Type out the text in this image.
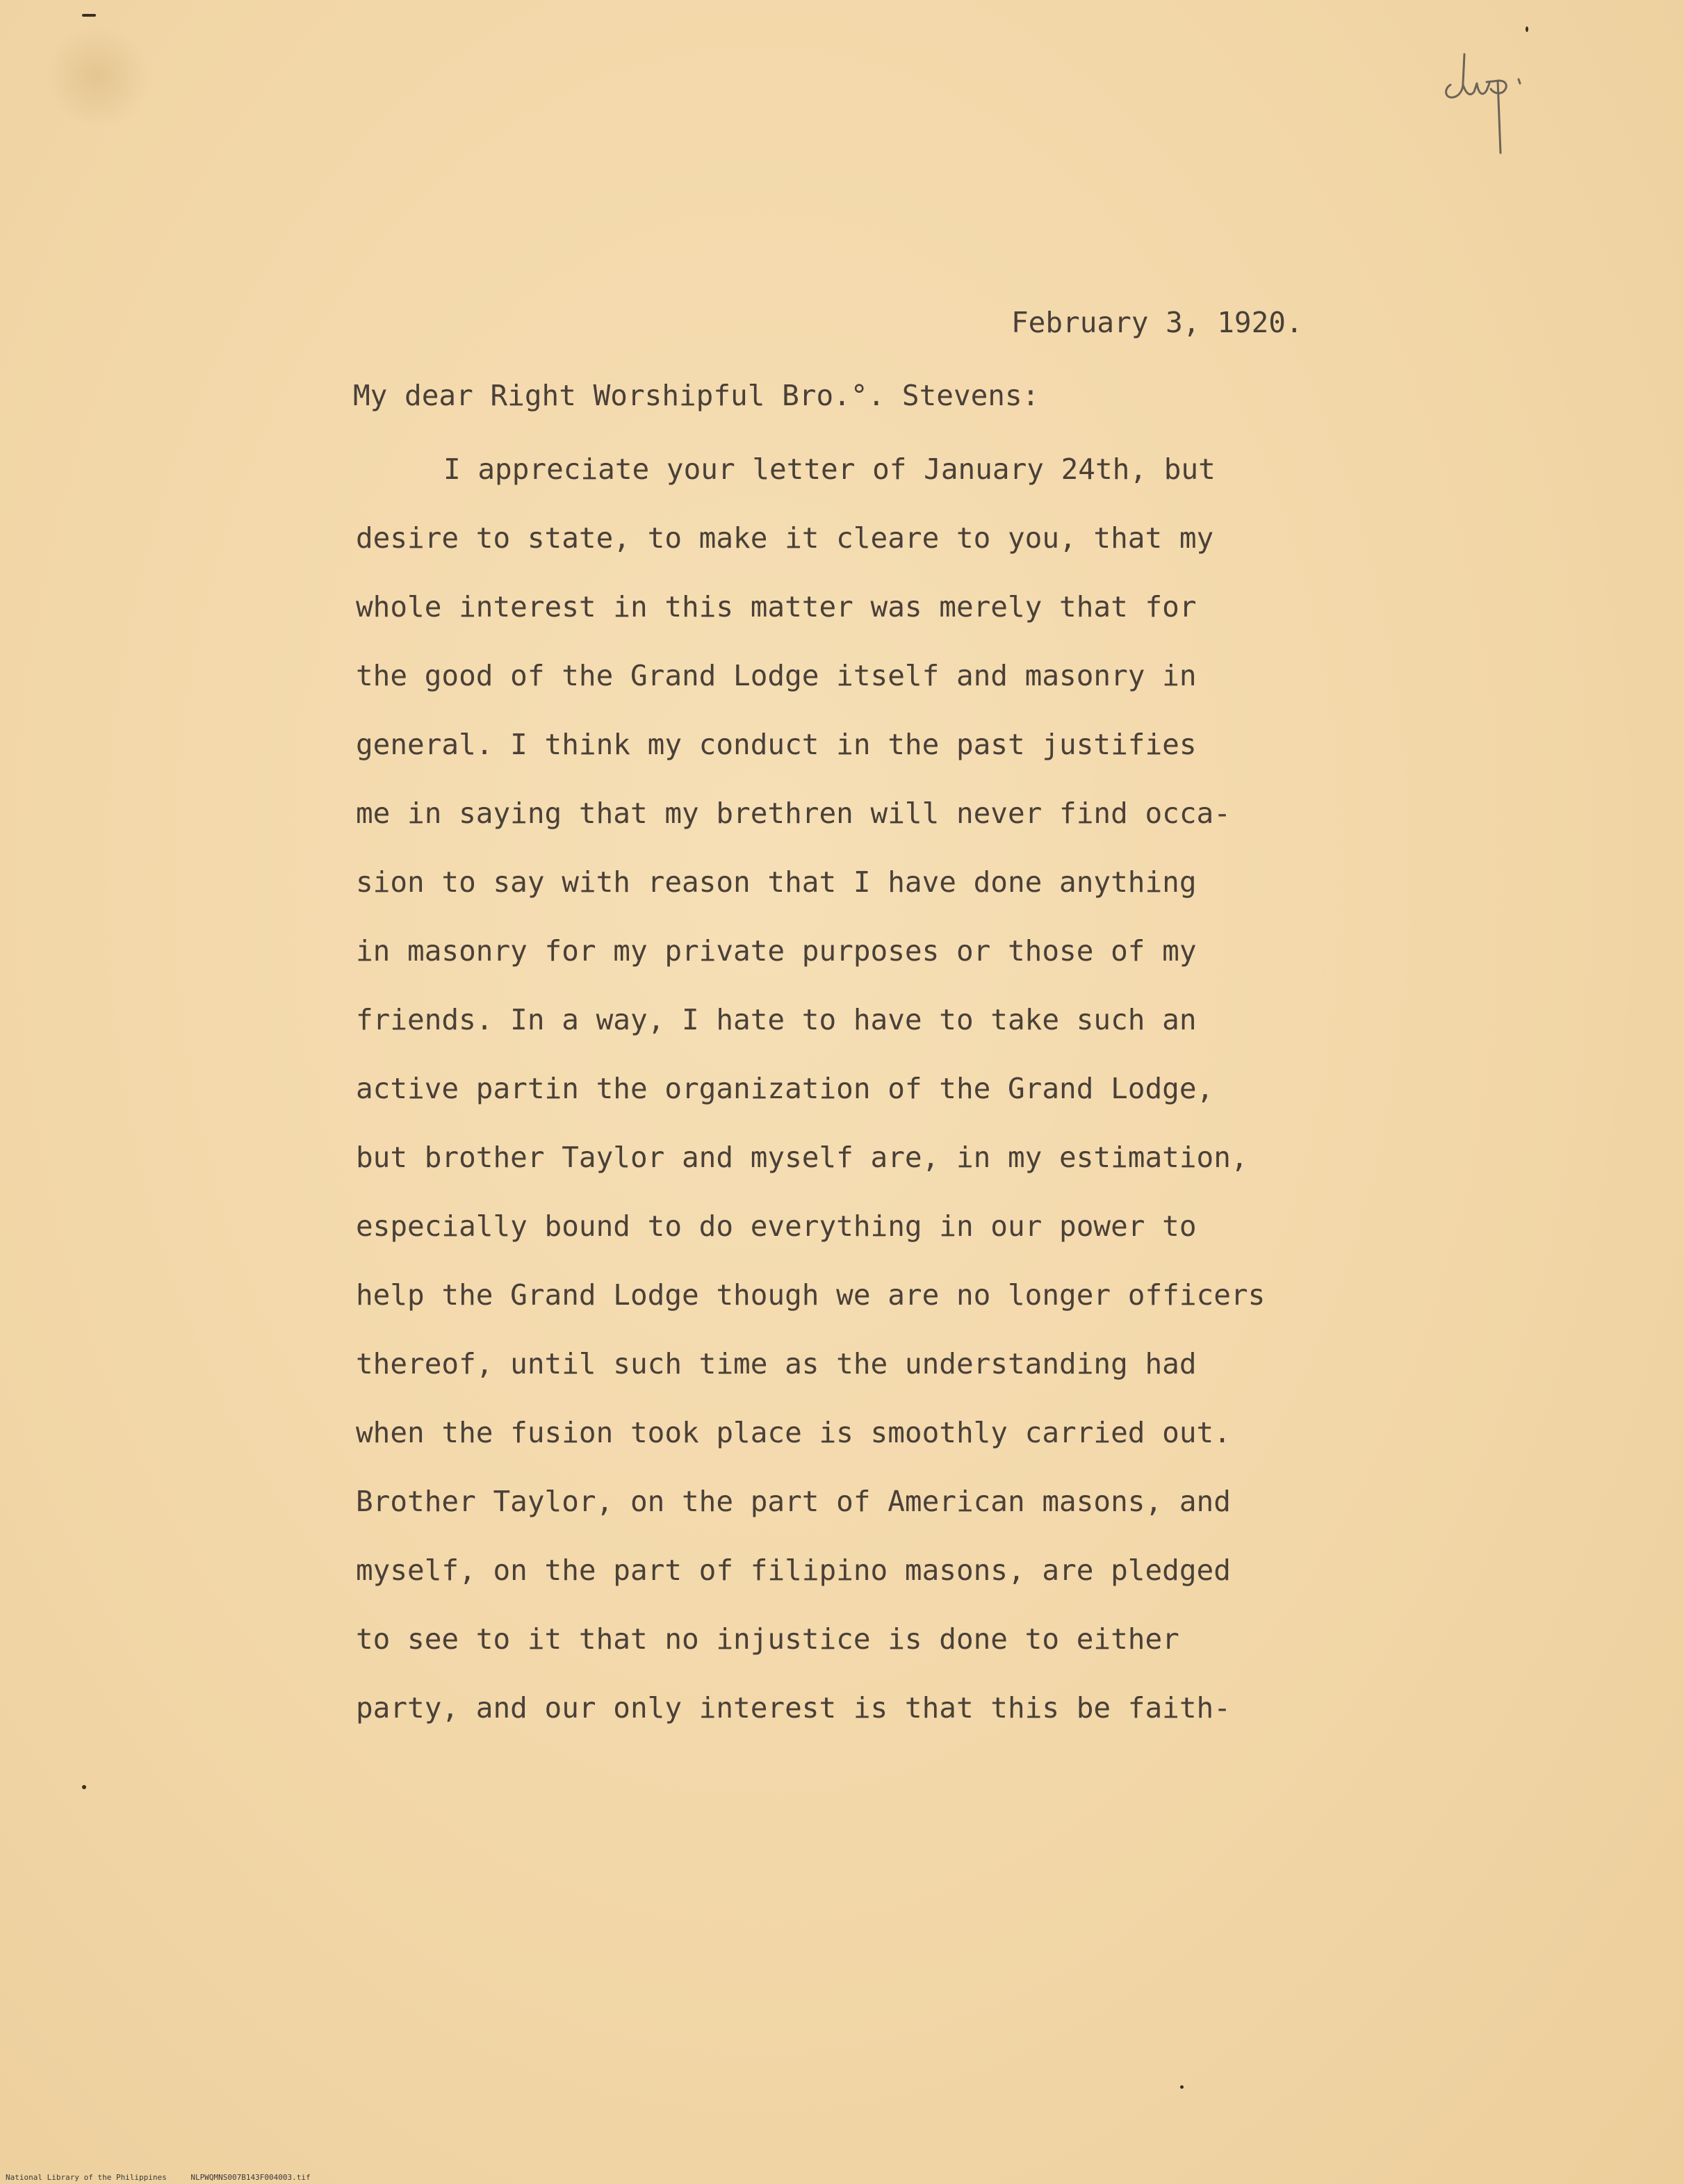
February 3, 1920.
My dear Right Worshipful Bro.°. Stevens:
I appreciate your letter of January 24th, but
desire to state, to make it cleare to you, that my
whole interest in this matter was merely that for
the good of the Grand Lodge itself and masonry in
general. I think my conduct in the past justifies
me in saying that my brethren will never find occa-
sion to say with reason that I have done anything
in masonry for my private purposes or those of my
friends. In a way, I hate to have to take such an
active partin the organization of the Grand Lodge,
but brother Taylor and myself are, in my estimation,
especially bound to do everything in our power to
help the Grand Lodge though we are no longer officers
thereof, until such time as the understanding had
when the fusion took place is smoothly carried out.
Brother Taylor, on the part of American masons, and
myself, on the part of filipino masons, are pledged
to see to it that no injustice is done to either
party, and our only interest is that this be faith-
National Library of the Philippines	NLPWQMNS007B143F004003.tif
